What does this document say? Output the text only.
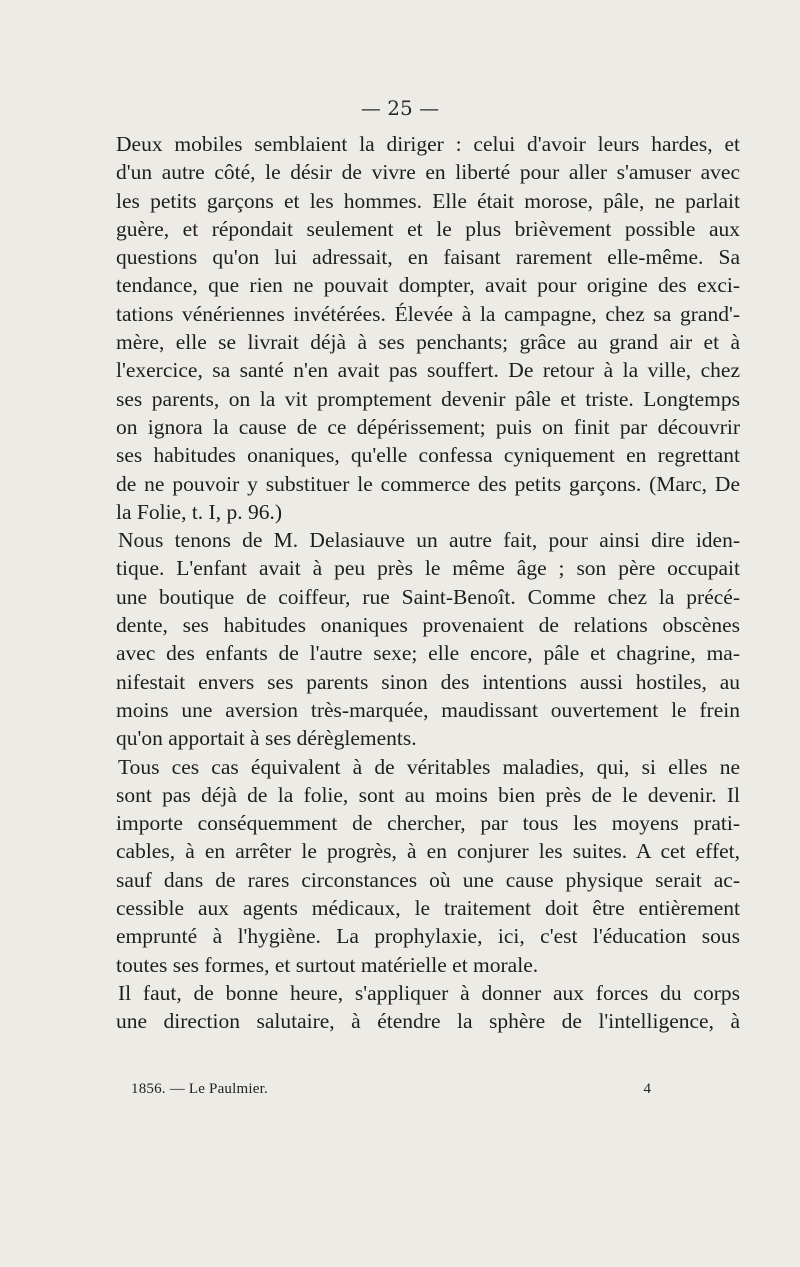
— 25 —
Deux mobiles semblaient la diriger : celui d'avoir leurs hardes, et
d'un autre côté, le désir de vivre en liberté pour aller s'amuser avec
les petits garçons et les hommes. Elle était morose, pâle, ne parlait
guère, et répondait seulement et le plus brièvement possible aux
questions qu'on lui adressait, en faisant rarement elle-même. Sa
tendance, que rien ne pouvait dompter, avait pour origine des exci-
tations vénériennes invétérées. Élevée à la campagne, chez sa grand'-
mère, elle se livrait déjà à ses penchants; grâce au grand air et à
l'exercice, sa santé n'en avait pas souffert. De retour à la ville, chez
ses parents, on la vit promptement devenir pâle et triste. Longtemps
on ignora la cause de ce dépérissement; puis on finit par découvrir
ses habitudes onaniques, qu'elle confessa cyniquement en regrettant
de ne pouvoir y substituer le commerce des petits garçons. (Marc, De
la Folie, t. I, p. 96.)
Nous tenons de M. Delasiauve un autre fait, pour ainsi dire iden-
tique. L'enfant avait à peu près le même âge ; son père occupait
une boutique de coiffeur, rue Saint-Benoît. Comme chez la précé-
dente, ses habitudes onaniques provenaient de relations obscènes
avec des enfants de l'autre sexe; elle encore, pâle et chagrine, ma-
nifestait envers ses parents sinon des intentions aussi hostiles, au
moins une aversion très-marquée, maudissant ouvertement le frein
qu'on apportait à ses dérèglements.
Tous ces cas équivalent à de véritables maladies, qui, si elles ne
sont pas déjà de la folie, sont au moins bien près de le devenir. Il
importe conséquemment de chercher, par tous les moyens prati-
cables, à en arrêter le progrès, à en conjurer les suites. A cet effet,
sauf dans de rares circonstances où une cause physique serait ac-
cessible aux agents médicaux, le traitement doit être entièrement
emprunté à l'hygiène. La prophylaxie, ici, c'est l'éducation sous
toutes ses formes, et surtout matérielle et morale.
Il faut, de bonne heure, s'appliquer à donner aux forces du corps
une direction salutaire, à étendre la sphère de l'intelligence, à
1856. — Le Paulmier.	4
